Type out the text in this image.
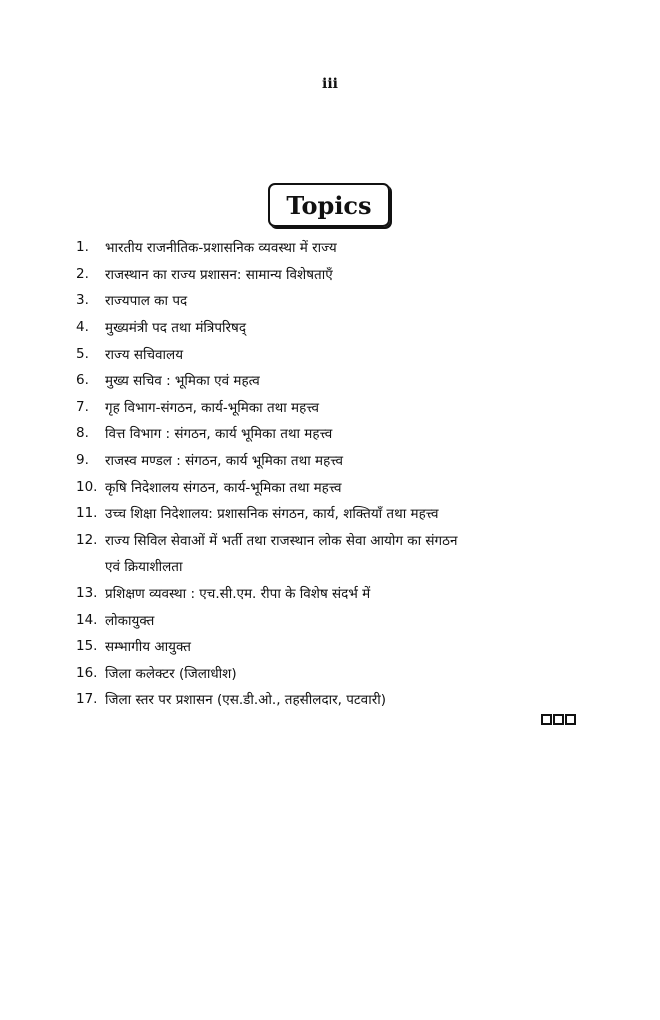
iii
Topics
1.	भारतीय राजनीतिक-प्रशासनिक व्यवस्था में राज्य
2.	राजस्थान का राज्य प्रशासन: सामान्य विशेषताएँ
3.	राज्यपाल का पद
4.	मुख्यमंत्री पद तथा मंत्रिपरिषद्
5.	राज्य सचिवालय
6.	मुख्य सचिव : भूमिका एवं महत्व
7.	गृह विभाग-संगठन, कार्य-भूमिका तथा महत्त्व
8.	वित्त विभाग : संगठन, कार्य भूमिका तथा महत्त्व
9.	राजस्व मण्डल : संगठन, कार्य भूमिका तथा महत्त्व
10. कृषि निदेशालय संगठन, कार्य-भूमिका तथा महत्त्व
11. उच्च शिक्षा निदेशालय: प्रशासनिक संगठन, कार्य, शक्तियाँ तथा महत्त्व
12. राज्य सिविल सेवाओं में भर्ती तथा राजस्थान लोक सेवा आयोग का संगठन
एवं क्रियाशीलता
13. प्रशिक्षण व्यवस्था : एच.सी.एम. रीपा के विशेष संदर्भ में
14. लोकायुक्त
15. सम्भागीय आयुक्त
16. जिला कलेक्टर (जिलाधीश)
17. जिला स्तर पर प्रशासन (एस.डी.ओ., तहसीलदार, पटवारी)
